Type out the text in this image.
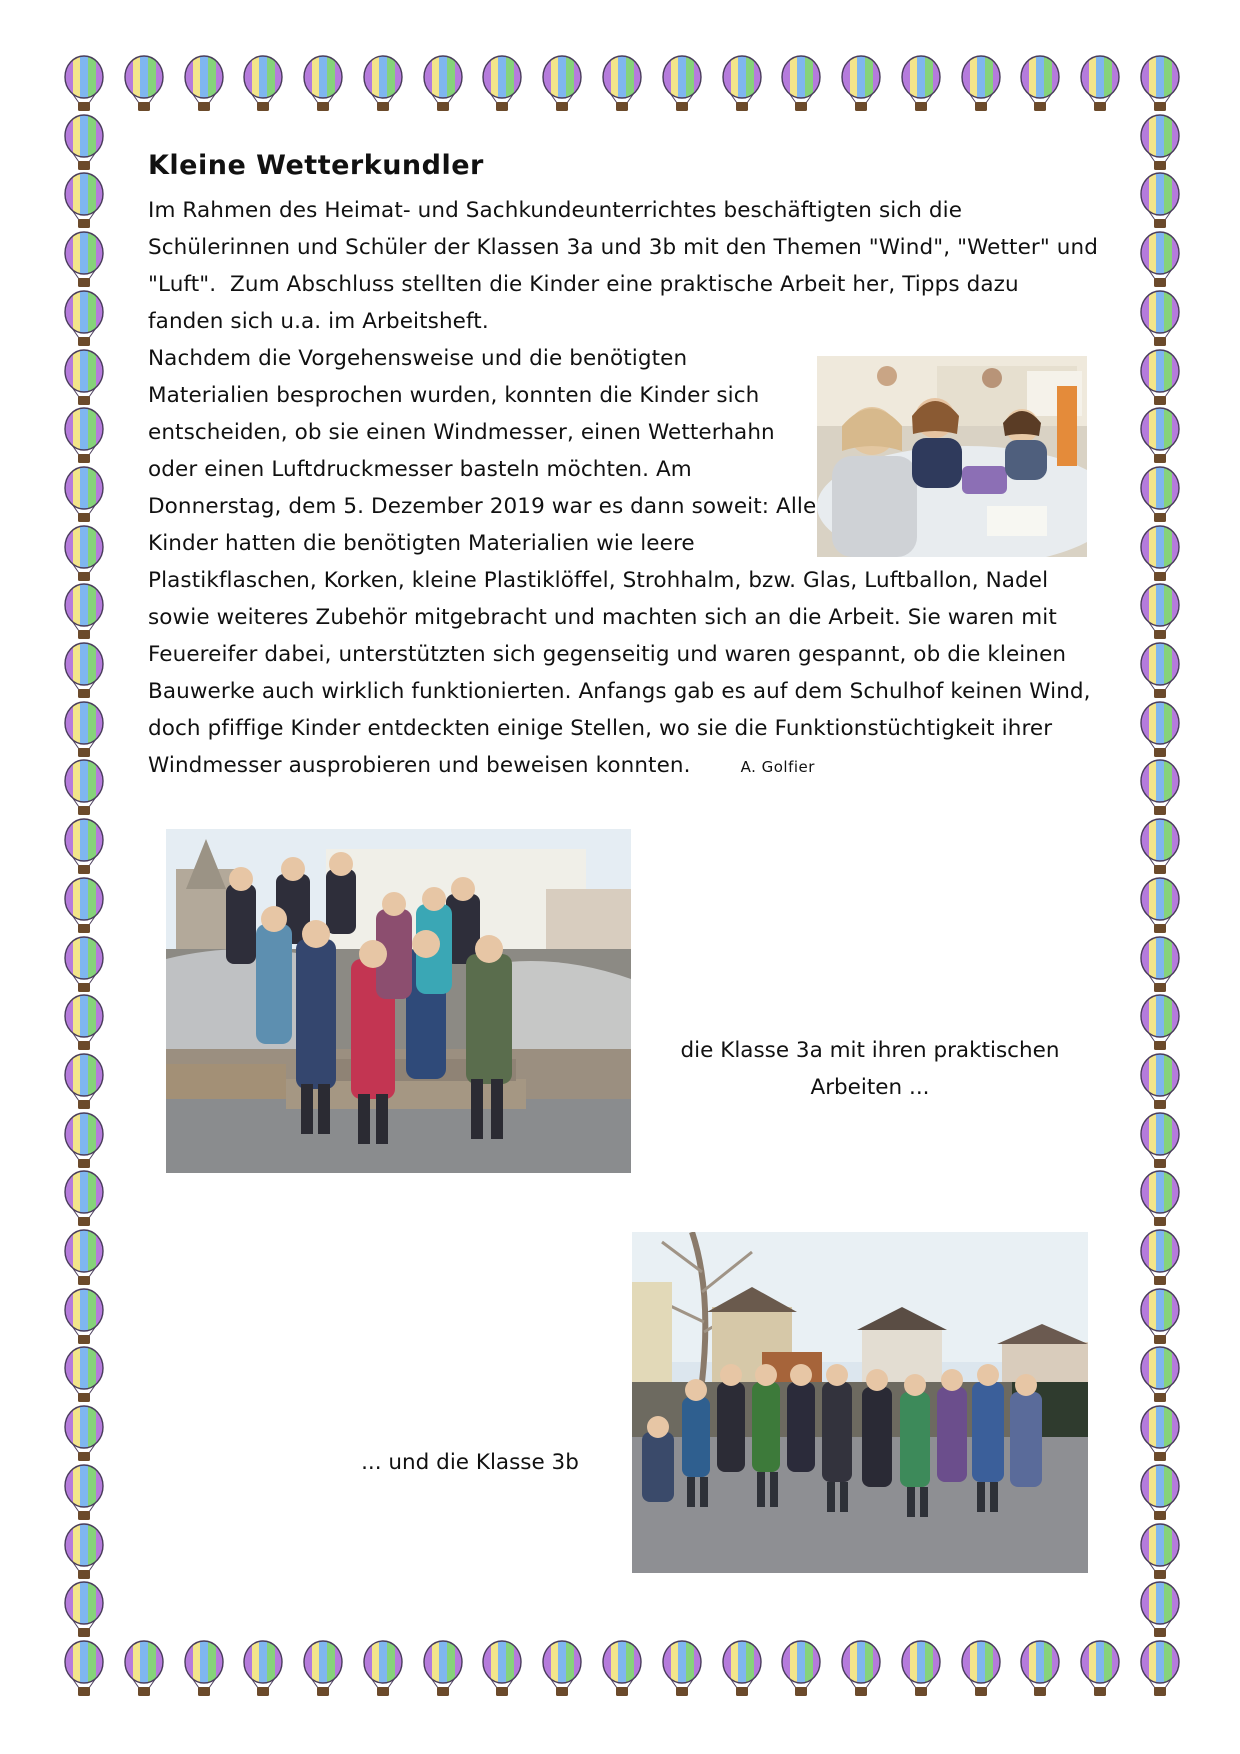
Kleine Wetterkundler
Im Rahmen des Heimat- und Sachkundeunterrichtes beschäftigten sich die
Schülerinnen und Schüler der Klassen 3a und 3b mit den Themen "Wind", "Wetter" und
"Luft".  Zum Abschluss stellten die Kinder eine praktische Arbeit her, Tipps dazu
fanden sich u.a. im Arbeitsheft.
Nachdem die Vorgehensweise und die benötigten
Materialien besprochen wurden, konnten die Kinder sich
entscheiden, ob sie einen Windmesser, einen Wetterhahn
oder einen Luftdruckmesser basteln möchten. Am
Donnerstag, dem 5. Dezember 2019 war es dann soweit: Alle
Kinder hatten die benötigten Materialien wie leere
Plastikflaschen, Korken, kleine Plastiklöffel, Strohhalm, bzw. Glas, Luftballon, Nadel
sowie weiteres Zubehör mitgebracht und machten sich an die Arbeit. Sie waren mit
Feuereifer dabei, unterstützten sich gegenseitig und waren gespannt, ob die kleinen
Bauwerke auch wirklich funktionierten. Anfangs gab es auf dem Schulhof keinen Wind,
doch pfiffige Kinder entdeckten einige Stellen, wo sie die Funktionstüchtigkeit ihrer
Windmesser ausprobieren und beweisen konnten.	A. Golfier
die Klasse 3a mit ihren praktischen
Arbeiten ...
... und die Klasse 3b
